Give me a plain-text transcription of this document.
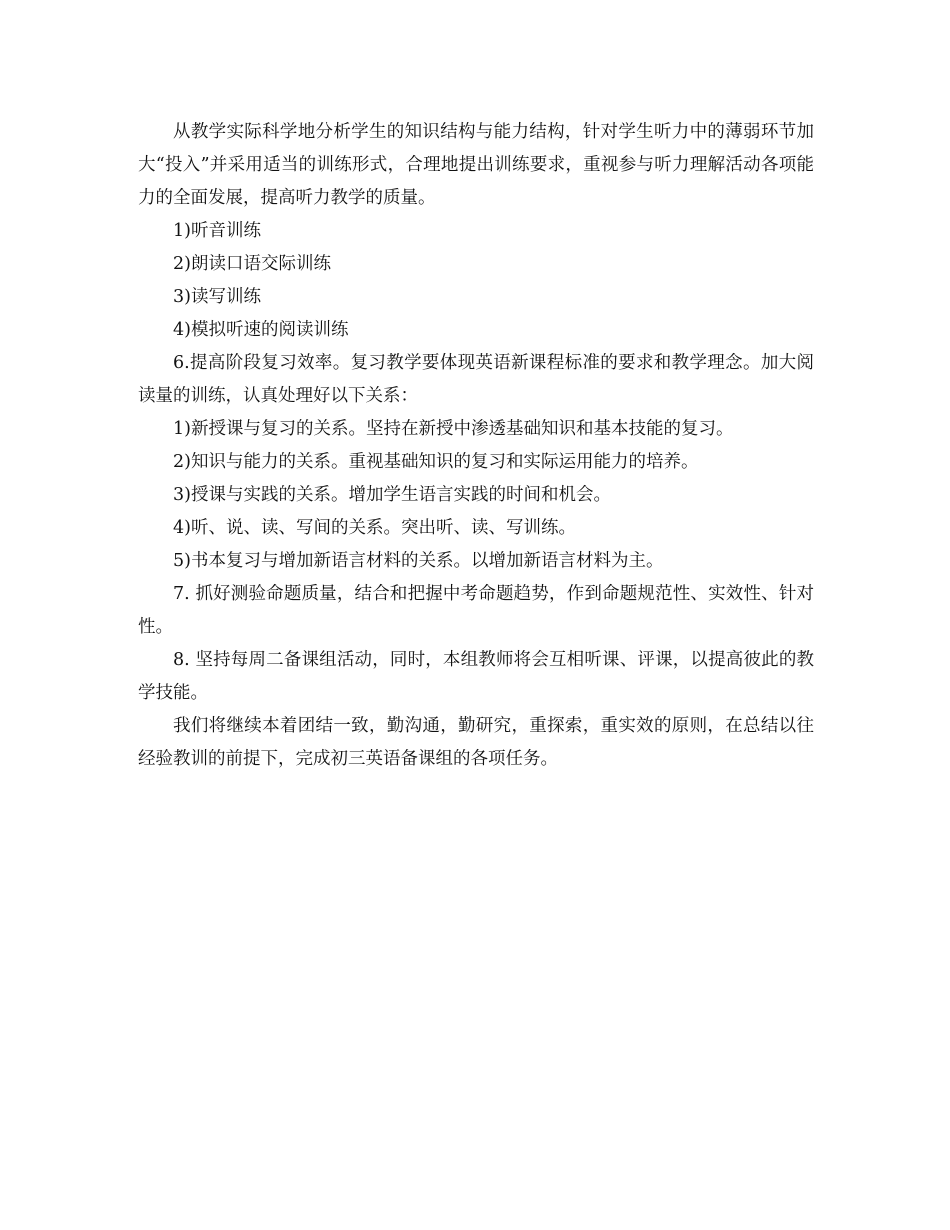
从教学实际科学地分析学生的知识结构与能力结构，针对学生听力中的薄弱环节加大“投入”并采用适当的训练形式，合理地提出训练要求，重视参与听力理解活动各项能力的全面发展，提高听力教学的质量。

1)听音训练

2)朗读口语交际训练

3)读写训练

4)模拟听速的阅读训练

6.提高阶段复习效率。复习教学要体现英语新课程标准的要求和教学理念。加大阅读量的训练，认真处理好以下关系：

1)新授课与复习的关系。坚持在新授中渗透基础知识和基本技能的复习。

2)知识与能力的关系。重视基础知识的复习和实际运用能力的培养。

3)授课与实践的关系。增加学生语言实践的时间和机会。

4)听、说、读、写间的关系。突出听、读、写训练。

5)书本复习与增加新语言材料的关系。以增加新语言材料为主。

7. 抓好测验命题质量，结合和把握中考命题趋势，作到命题规范性、实效性、针对性。

8. 坚持每周二备课组活动，同时，本组教师将会互相听课、评课，以提高彼此的教学技能。

我们将继续本着团结一致，勤沟通，勤研究，重探索，重实效的原则，在总结以往经验教训的前提下，完成初三英语备课组的各项任务。
